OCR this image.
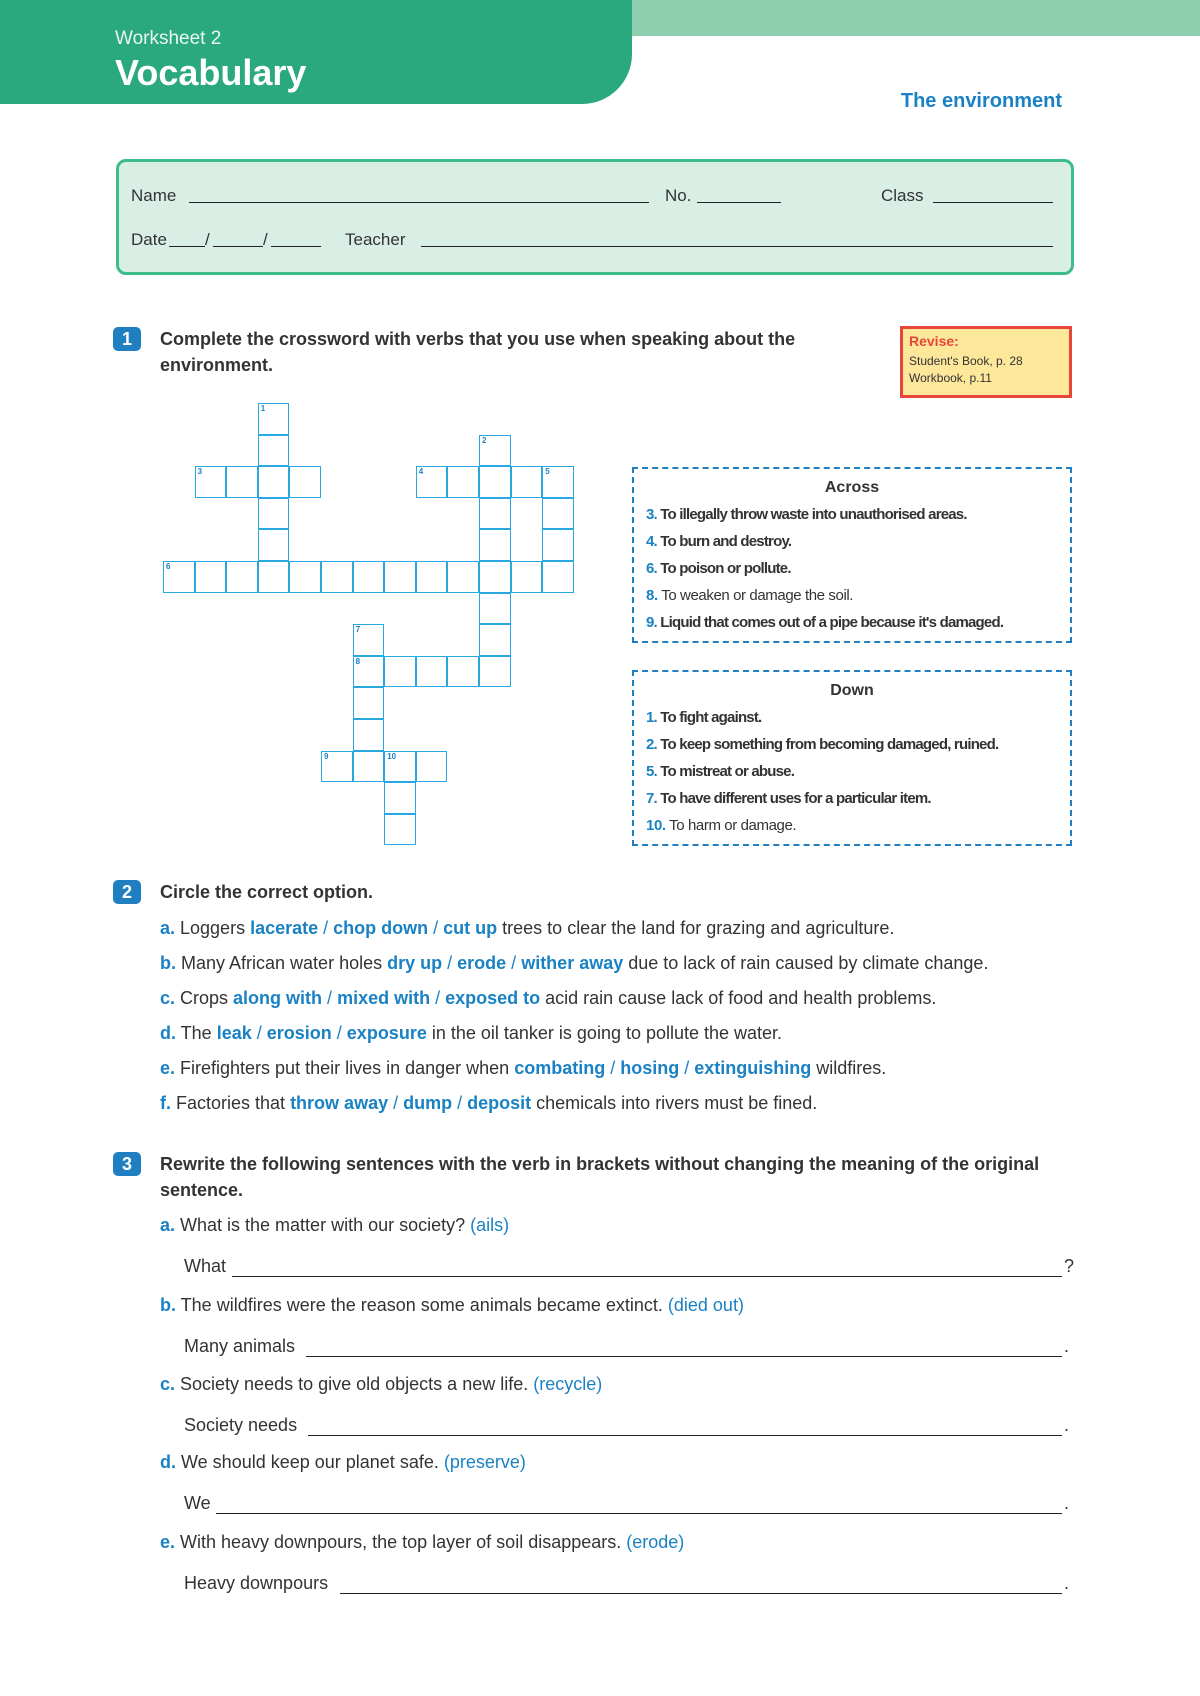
Worksheet 2
Vocabulary
The environment
Name	No.	Class
Date /	/	Teacher
1	Complete the crossword with verbs that you use when speaking about the environment.
Revise:
Student's Book, p. 28
Workbook, p.11
1
2
3	4	5
6
7
8
9	10
Across
3. To illegally throw waste into unauthorised areas.
4. To burn and destroy.
6. To poison or pollute.
8. To weaken or damage the soil.
9. Liquid that comes out of a pipe because it's damaged.
Down
1. To fight against.
2. To keep something from becoming damaged, ruined.
5. To mistreat or abuse.
7. To have different uses for a particular item.
10. To harm or damage.
2	Circle the correct option.
a. Loggers lacerate / chop down / cut up trees to clear the land for grazing and agriculture.
b. Many African water holes dry up / erode / wither away due to lack of rain caused by climate change.
c. Crops along with / mixed with / exposed to acid rain cause lack of food and health problems.
d. The leak / erosion / exposure in the oil tanker is going to pollute the water.
e. Firefighters put their lives in danger when combating / hosing / extinguishing wildfires.
f. Factories that throw away / dump / deposit chemicals into rivers must be fined.
3	Rewrite the following sentences with the verb in brackets without changing the meaning of the original sentence.
a. What is the matter with our society? (ails)
What	?
b. The wildfires were the reason some animals became extinct. (died out)
Many animals	.
c. Society needs to give old objects a new life. (recycle)
Society needs	.
d. We should keep our planet safe. (preserve)
We	.
e. With heavy downpours, the top layer of soil disappears. (erode)
Heavy downpours	.
